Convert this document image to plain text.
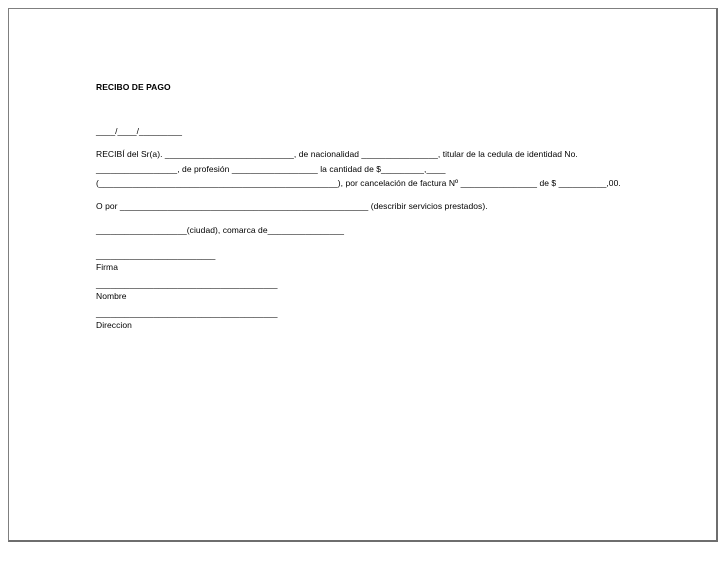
RECIBO DE PAGO
____/____/_________
RECIBÍ del Sr(a). ___________________________, de nacionalidad ________________, titular de la cedula de identidad No.
_________________, de profesión __________________ la cantidad de $_________,____
(__________________________________________________), por cancelación de factura Nº ________________ de $ __________,00.
O por ____________________________________________________ (describir servicios prestados).
___________________(ciudad), comarca de________________
_________________________
Firma
______________________________________
Nombre
______________________________________
Direccion
